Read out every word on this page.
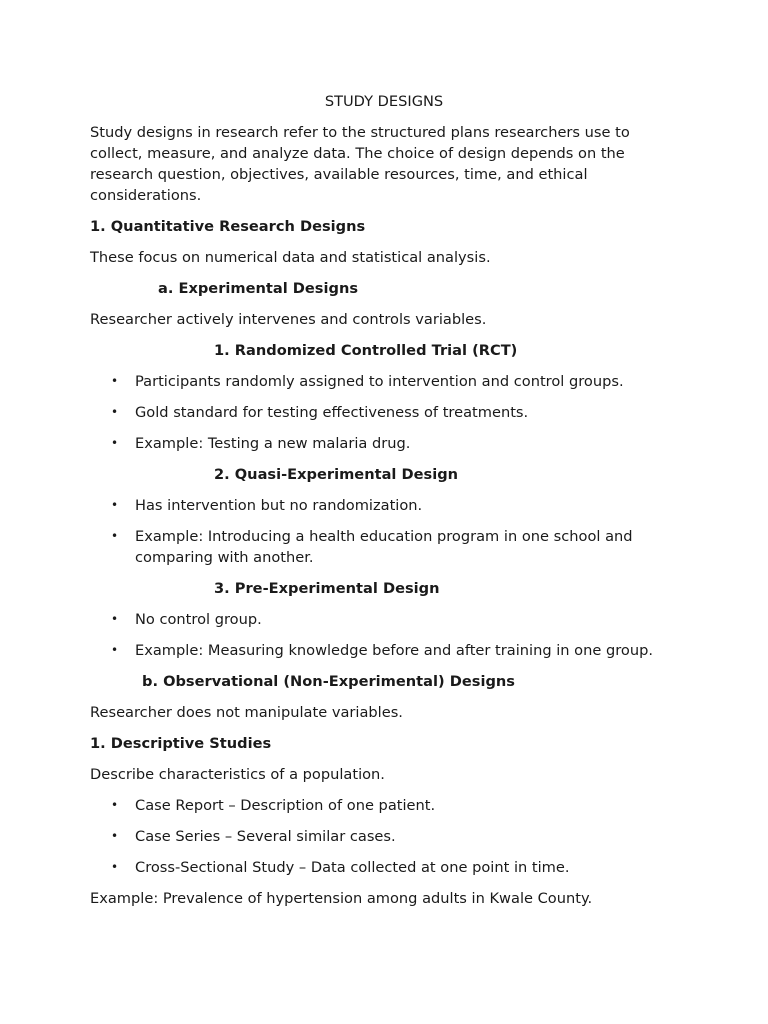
STUDY DESIGNS

Study designs in research refer to the structured plans researchers use to collect, measure, and analyze data. The choice of design depends on the research question, objectives, available resources, time, and ethical considerations.

1. Quantitative Research Designs

These focus on numerical data and statistical analysis.

a. Experimental Designs

Researcher actively intervenes and controls variables.

1. Randomized Controlled Trial (RCT)
• Participants randomly assigned to intervention and control groups.
• Gold standard for testing effectiveness of treatments.
• Example: Testing a new malaria drug.
2. Quasi-Experimental Design
• Has intervention but no randomization.
• Example: Introducing a health education program in one school and comparing with another.
3. Pre-Experimental Design
• No control group.
• Example: Measuring knowledge before and after training in one group.
b. Observational (Non-Experimental) Designs

Researcher does not manipulate variables.

1. Descriptive Studies

Describe characteristics of a population.

• Case Report – Description of one patient.
• Case Series – Several similar cases.
• Cross-Sectional Study – Data collected at one point in time.

Example: Prevalence of hypertension among adults in Kwale County.
